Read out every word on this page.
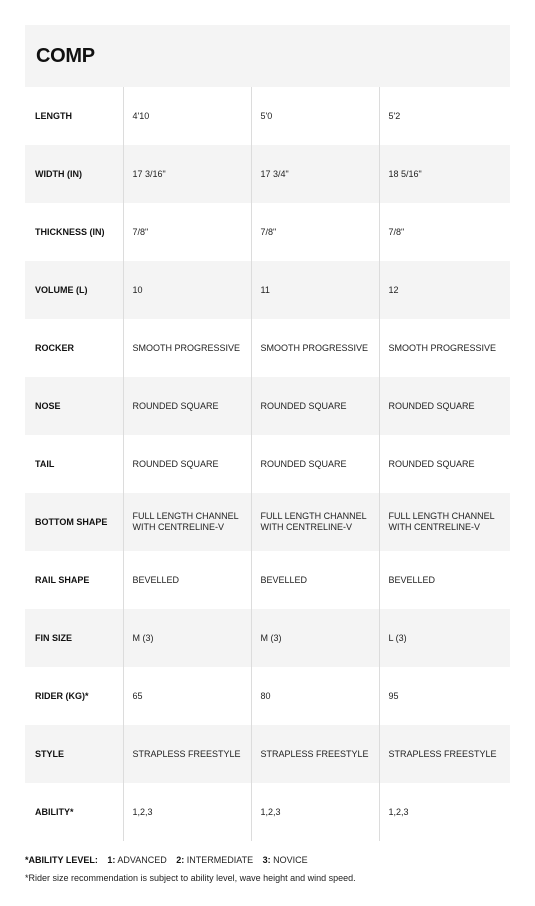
COMP
LENGTH	4'10	5'0	5'2
WIDTH (IN)	17 3/16"	17 3/4"	18 5/16"
THICKNESS (IN)	7/8"	7/8"	7/8"
VOLUME (L)	10	11	12
ROCKER	SMOOTH PROGRESSIVE	SMOOTH PROGRESSIVE	SMOOTH PROGRESSIVE
NOSE	ROUNDED SQUARE	ROUNDED SQUARE	ROUNDED SQUARE
TAIL	ROUNDED SQUARE	ROUNDED SQUARE	ROUNDED SQUARE
BOTTOM SHAPE	FULL LENGTH CHANNEL WITH CENTRELINE-V	FULL LENGTH CHANNEL WITH CENTRELINE-V	FULL LENGTH CHANNEL WITH CENTRELINE-V
RAIL SHAPE	BEVELLED	BEVELLED	BEVELLED
FIN SIZE	M (3)	M (3)	L (3)
RIDER (KG)*	65	80	95
STYLE	STRAPLESS FREESTYLE	STRAPLESS FREESTYLE	STRAPLESS FREESTYLE
ABILITY*	1,2,3	1,2,3	1,2,3
*ABILITY LEVEL: 1: ADVANCED 2: INTERMEDIATE 3: NOVICE
*Rider size recommendation is subject to ability level, wave height and wind speed.
